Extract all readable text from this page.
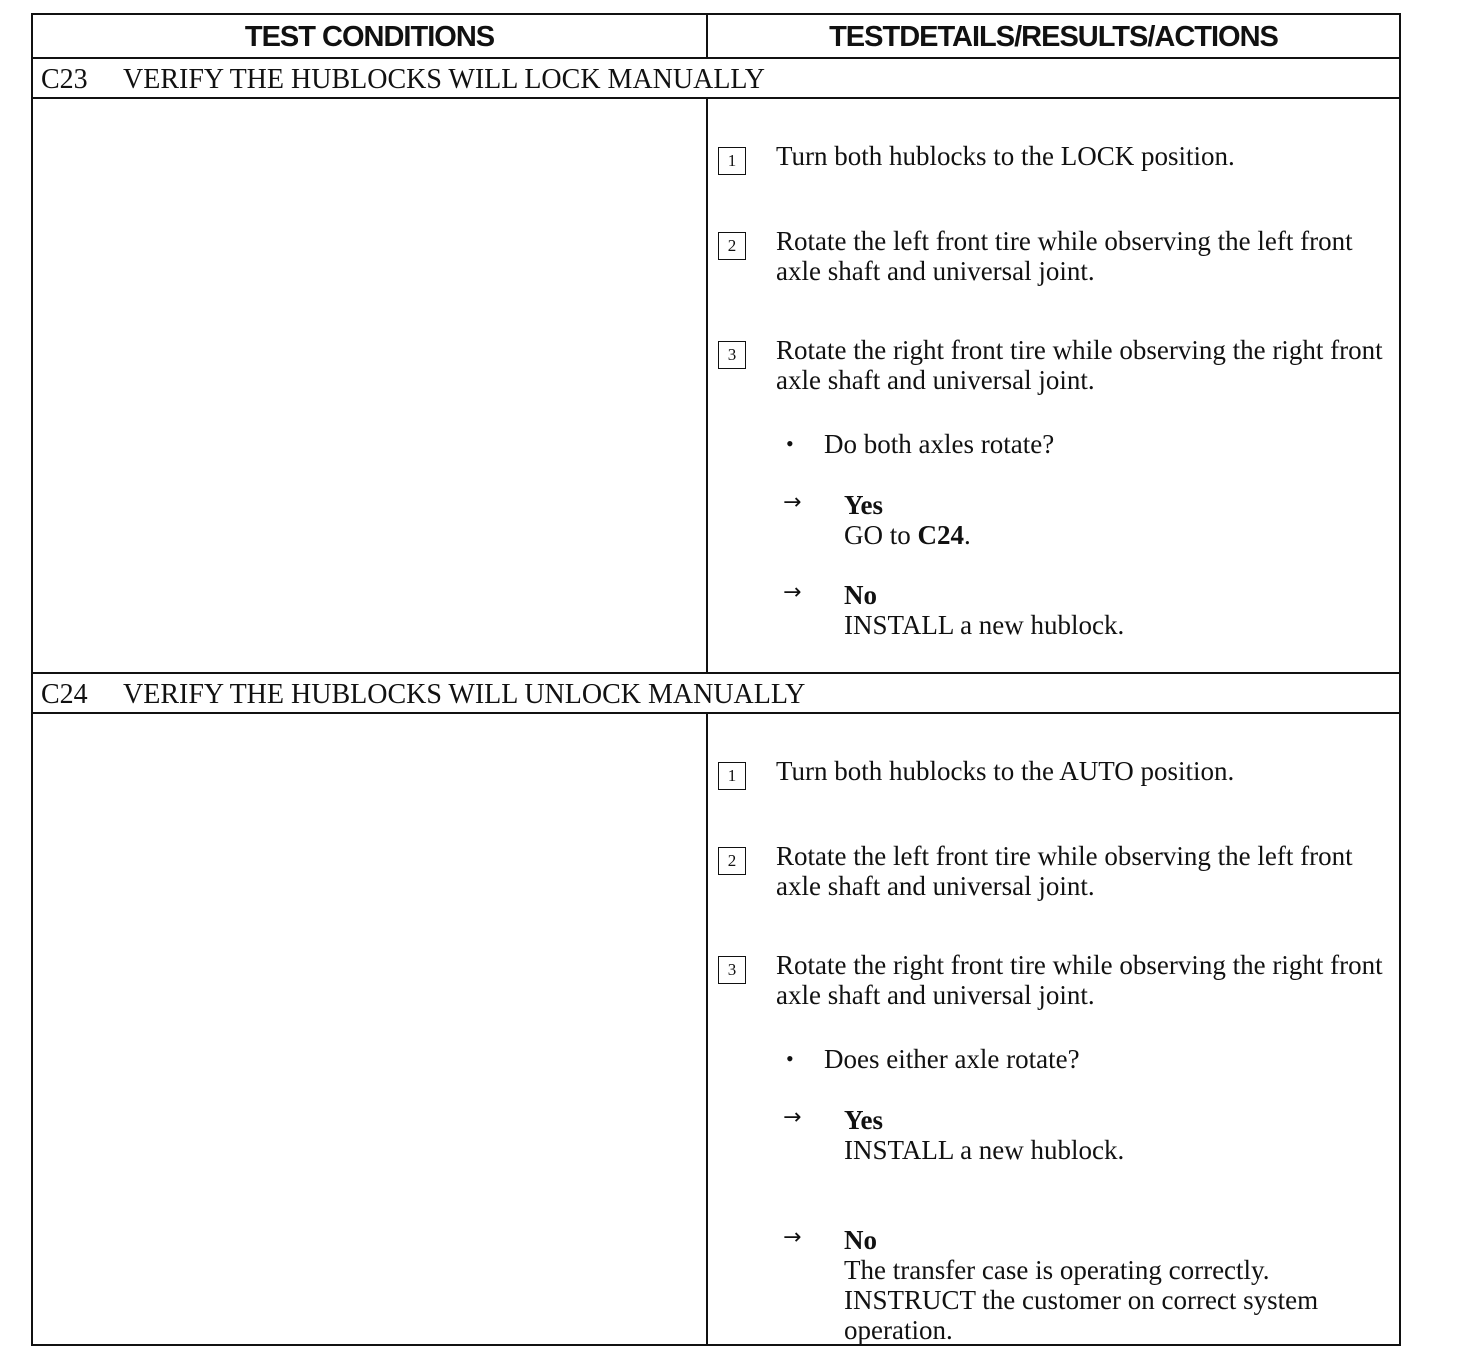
TEST CONDITIONS	TESTDETAILS/RESULTS/ACTIONS
C23 VERIFY THE HUBLOCKS WILL LOCK MANUALLY
1	Turn both hublocks to the LOCK position.
2	Rotate the left front tire while observing the left front axle shaft and universal joint.
3	Rotate the right front tire while observing the right front axle shaft and universal joint.
• Do both axles rotate?
→ Yes
GO to C24.
→ No
INSTALL a new hublock.
C24 VERIFY THE HUBLOCKS WILL UNLOCK MANUALLY
1	Turn both hublocks to the AUTO position.
2	Rotate the left front tire while observing the left front axle shaft and universal joint.
3	Rotate the right front tire while observing the right front axle shaft and universal joint.
• Does either axle rotate?
→ Yes
INSTALL a new hublock.
→ No
The transfer case is operating correctly. INSTRUCT the customer on correct system operation.
